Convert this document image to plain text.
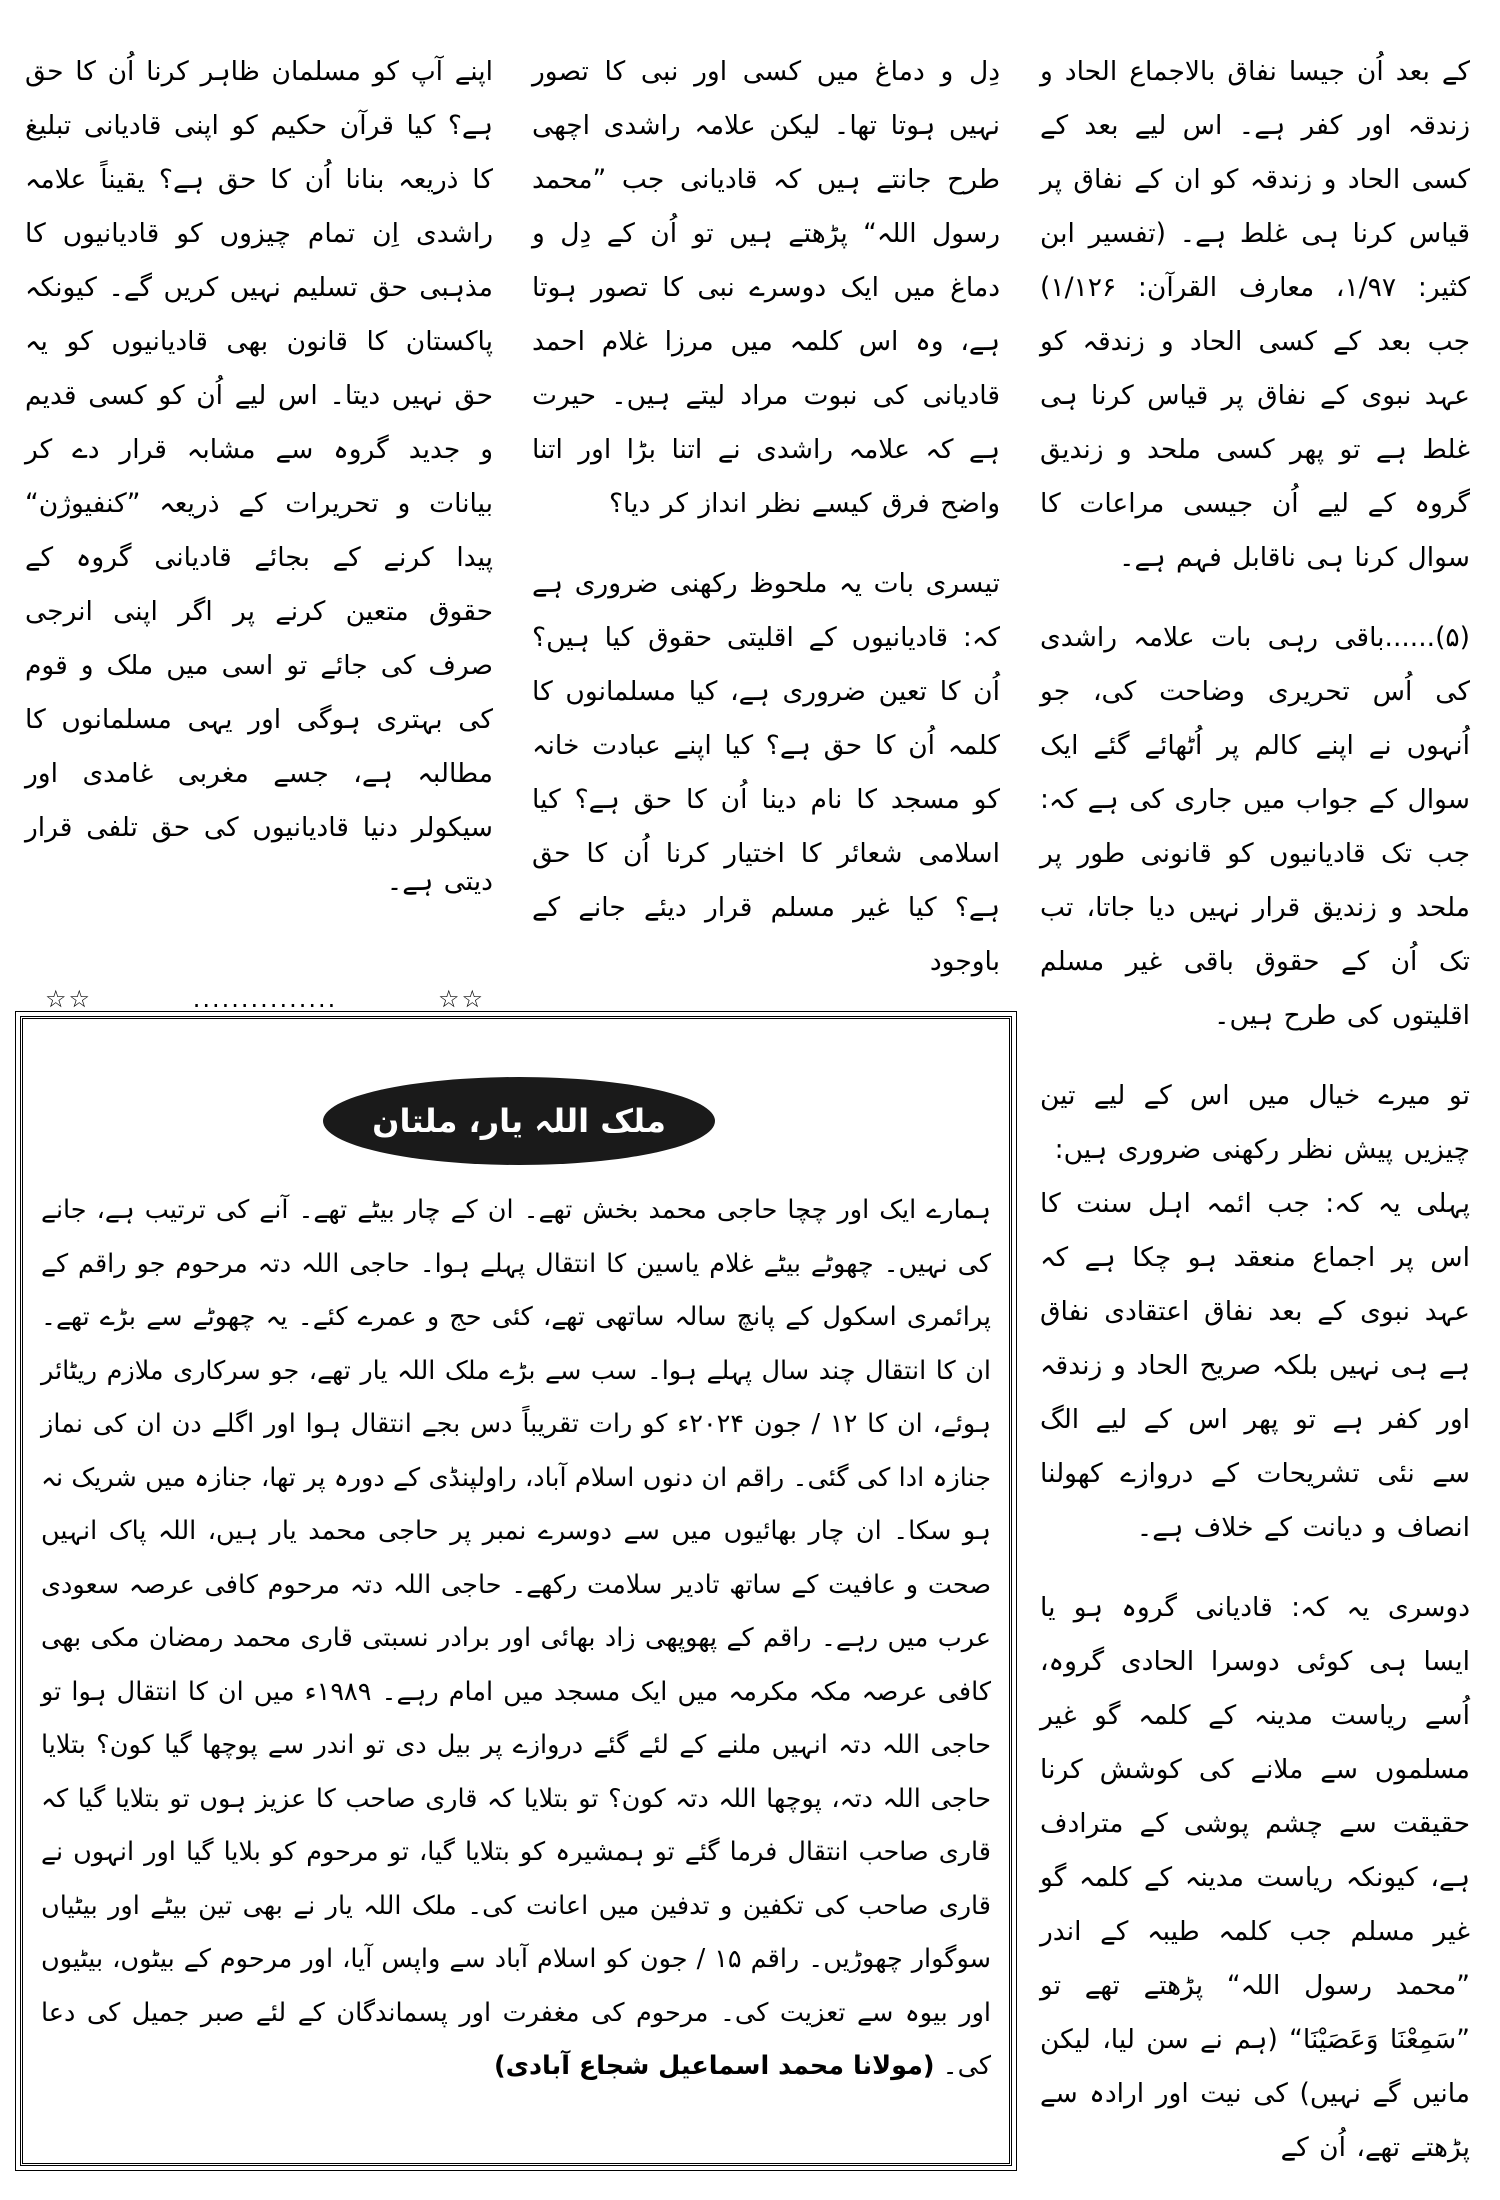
کے بعد اُن جیسا نفاق بالاجماع الحاد و زندقہ اور کفر ہے۔ اس لیے بعد کے کسی الحاد و زندقہ کو ان کے نفاق پر قیاس کرنا ہی غلط ہے۔ (تفسیر ابن کثیر: ۱/۹۷، معارف القرآن: ۱/۱۲۶) جب بعد کے کسی الحاد و زندقہ کو عہد نبوی کے نفاق پر قیاس کرنا ہی غلط ہے تو پھر کسی ملحد و زندیق گروہ کے لیے اُن جیسی مراعات کا سوال کرنا ہی ناقابل فہم ہے۔

(۵)......باقی رہی بات علامہ راشدی کی اُس تحریری وضاحت کی، جو اُنہوں نے اپنے کالم پر اُٹھائے گئے ایک سوال کے جواب میں جاری کی ہے کہ: جب تک قادیانیوں کو قانونی طور پر ملحد و زندیق قرار نہیں دیا جاتا، تب تک اُن کے حقوق باقی غیر مسلم اقلیتوں کی طرح ہیں۔

تو میرے خیال میں اس کے لیے تین چیزیں پیش نظر رکھنی ضروری ہیں:

پہلی یہ کہ: جب ائمہ اہل سنت کا اس پر اجماع منعقد ہو چکا ہے کہ عہد نبوی کے بعد نفاق اعتقادی نفاق ہے ہی نہیں بلکہ صریح الحاد و زندقہ اور کفر ہے تو پھر اس کے لیے الگ سے نئی تشریحات کے دروازے کھولنا انصاف و دیانت کے خلاف ہے۔

دوسری یہ کہ: قادیانی گروہ ہو یا ایسا ہی کوئی دوسرا الحادی گروہ، اُسے ریاست مدینہ کے کلمہ گو غیر مسلموں سے ملانے کی کوشش کرنا حقیقت سے چشم پوشی کے مترادف ہے، کیونکہ ریاست مدینہ کے کلمہ گو غیر مسلم جب کلمہ طیبہ کے اندر ”محمد رسول اللہ“ پڑھتے تھے تو ”سَمِعْنَا وَعَصَيْنَا“ (ہم نے سن لیا، لیکن مانیں گے نہیں) کی نیت اور ارادہ سے پڑھتے تھے، اُن کے

دِل و دماغ میں کسی اور نبی کا تصور نہیں ہوتا تھا۔ لیکن علامہ راشدی اچھی طرح جانتے ہیں کہ قادیانی جب ”محمد رسول اللہ“ پڑھتے ہیں تو اُن کے دِل و دماغ میں ایک دوسرے نبی کا تصور ہوتا ہے، وہ اس کلمہ میں مرزا غلام احمد قادیانی کی نبوت مراد لیتے ہیں۔ حیرت ہے کہ علامہ راشدی نے اتنا بڑا اور اتنا واضح فرق کیسے نظر انداز کر دیا؟

تیسری بات یہ ملحوظ رکھنی ضروری ہے کہ: قادیانیوں کے اقلیتی حقوق کیا ہیں؟ اُن کا تعین ضروری ہے، کیا مسلمانوں کا کلمہ اُن کا حق ہے؟ کیا اپنے عبادت خانہ کو مسجد کا نام دینا اُن کا حق ہے؟ کیا اسلامی شعائر کا اختیار کرنا اُن کا حق ہے؟ کیا غیر مسلم قرار دیئے جانے کے باوجود

اپنے آپ کو مسلمان ظاہر کرنا اُن کا حق ہے؟ کیا قرآن حکیم کو اپنی قادیانی تبلیغ کا ذریعہ بنانا اُن کا حق ہے؟ یقیناً علامہ راشدی اِن تمام چیزوں کو قادیانیوں کا مذہبی حق تسلیم نہیں کریں گے۔ کیونکہ پاکستان کا قانون بھی قادیانیوں کو یہ حق نہیں دیتا۔ اس لیے اُن کو کسی قدیم و جدید گروہ سے مشابہ قرار دے کر بیانات و تحریرات کے ذریعہ ”کنفیوژن“ پیدا کرنے کے بجائے قادیانی گروہ کے حقوق متعین کرنے پر اگر اپنی انرجی صرف کی جائے تو اسی میں ملک و قوم کی بہتری ہوگی اور یہی مسلمانوں کا مطالبہ ہے، جسے مغربی غامدی اور سیکولر دنیا قادیانیوں کی حق تلفی قرار دیتی ہے۔

☆☆	...............	☆☆
ملک اللہ یار، ملتان

ہمارے ایک اور چچا حاجی محمد بخش تھے۔ ان کے چار بیٹے تھے۔ آنے کی ترتیب ہے، جانے کی نہیں۔ چھوٹے بیٹے غلام یاسین کا انتقال پہلے ہوا۔ حاجی اللہ دتہ مرحوم جو راقم کے پرائمری اسکول کے پانچ سالہ ساتھی تھے، کئی حج و عمرے کئے۔ یہ چھوٹے سے بڑے تھے۔ ان کا انتقال چند سال پہلے ہوا۔ سب سے بڑے ملک اللہ یار تھے، جو سرکاری ملازم ریٹائر ہوئے، ان کا ۱۲ / جون ۲۰۲۴ء کو رات تقریباً دس بجے انتقال ہوا اور اگلے دن ان کی نماز جنازہ ادا کی گئی۔ راقم ان دنوں اسلام آباد، راولپنڈی کے دورہ پر تھا، جنازہ میں شریک نہ ہو سکا۔ ان چار بھائیوں میں سے دوسرے نمبر پر حاجی محمد یار ہیں، اللہ پاک انہیں صحت و عافیت کے ساتھ تادیر سلامت رکھے۔ حاجی اللہ دتہ مرحوم کافی عرصہ سعودی عرب میں رہے۔ راقم کے پھوپھی زاد بھائی اور برادر نسبتی قاری محمد رمضان مکی بھی کافی عرصہ مکہ مکرمہ میں ایک مسجد میں امام رہے۔ ۱۹۸۹ء میں ان کا انتقال ہوا تو حاجی اللہ دتہ انہیں ملنے کے لئے گئے دروازے پر بیل دی تو اندر سے پوچھا گیا کون؟ بتلایا حاجی اللہ دتہ، پوچھا اللہ دتہ کون؟ تو بتلایا کہ قاری صاحب کا عزیز ہوں تو بتلایا گیا کہ قاری صاحب انتقال فرما گئے تو ہمشیرہ کو بتلایا گیا، تو مرحوم کو بلایا گیا اور انہوں نے قاری صاحب کی تکفین و تدفین میں اعانت کی۔ ملک اللہ یار نے بھی تین بیٹے اور بیٹیاں سوگوار چھوڑیں۔ راقم ۱۵ / جون کو اسلام آباد سے واپس آیا، اور مرحوم کے بیٹوں، بیٹیوں اور بیوہ سے تعزیت کی۔ مرحوم کی مغفرت اور پسماندگان کے لئے صبر جمیل کی دعا کی۔ (مولانا محمد اسماعیل شجاع آبادی)
